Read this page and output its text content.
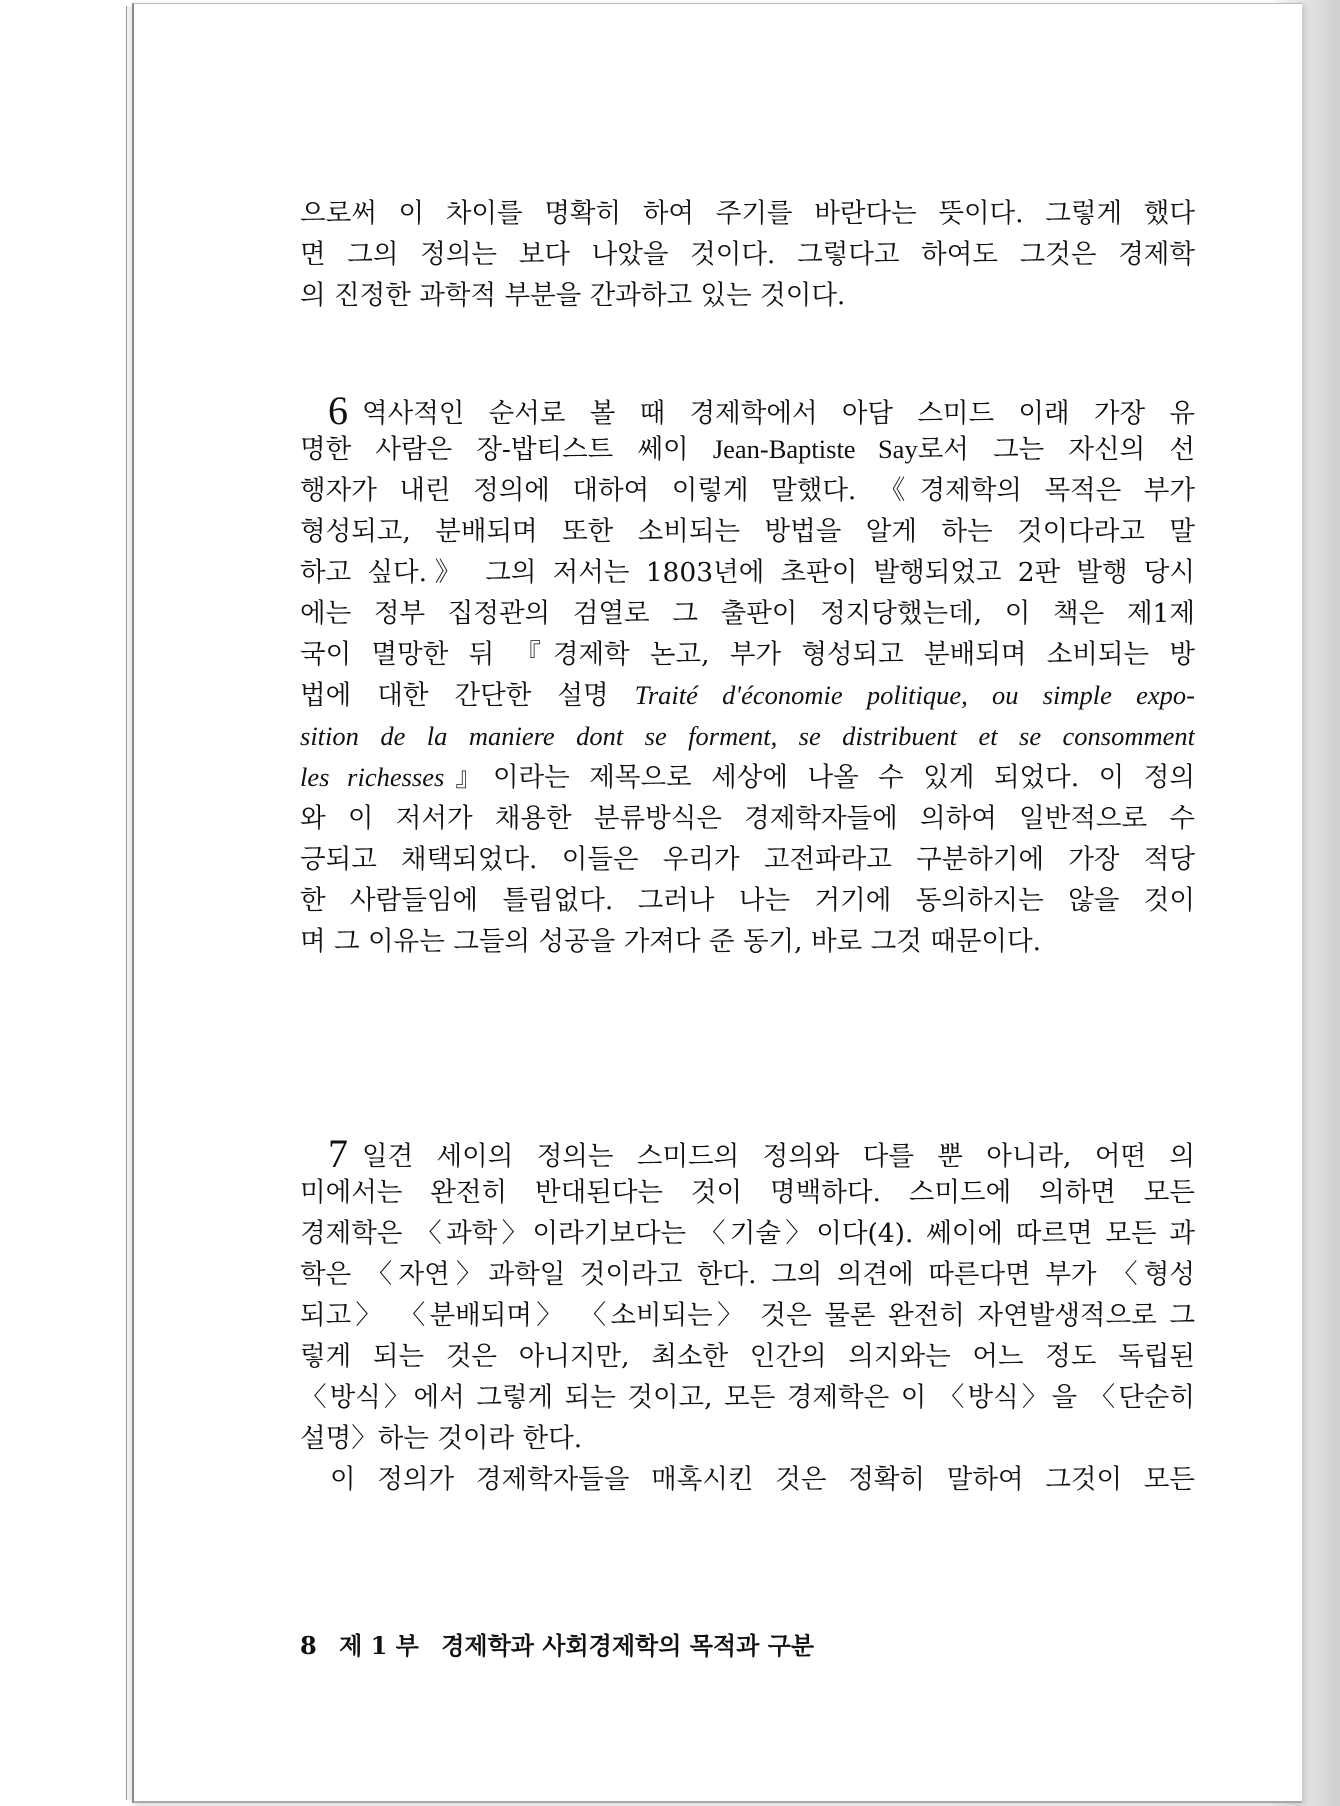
으로써 이 차이를 명확히 하여 주기를 바란다는 뜻이다. 그렇게 했다
면 그의 정의는 보다 나았을 것이다. 그렇다고 하여도 그것은 경제학
의 진정한 과학적 부분을 간과하고 있는 것이다.
6 역사적인 순서로 볼 때 경제학에서 아담 스미드 이래 가장 유
명한 사람은 장-밥티스트 쎄이 Jean-Baptiste Say로서 그는 자신의 선
행자가 내린 정의에 대하여 이렇게 말했다. 《경제학의 목적은 부가
형성되고, 분배되며 또한 소비되는 방법을 알게 하는 것이다라고 말
하고 싶다.》 그의 저서는 1803년에 초판이 발행되었고 2판 발행 당시
에는 정부 집정관의 검열로 그 출판이 정지당했는데, 이 책은 제1제
국이 멸망한 뒤 『경제학 논고, 부가 형성되고 분배되며 소비되는 방
법에 대한 간단한 설명 Traité d'économie politique, ou simple expo-
sition de la maniere dont se forment, se distribuent et se consomment
les richesses』이라는 제목으로 세상에 나올 수 있게 되었다. 이 정의
와 이 저서가 채용한 분류방식은 경제학자들에 의하여 일반적으로 수
긍되고 채택되었다. 이들은 우리가 고전파라고 구분하기에 가장 적당
한 사람들임에 틀림없다. 그러나 나는 거기에 동의하지는 않을 것이
며 그 이유는 그들의 성공을 가져다 준 동기, 바로 그것 때문이다.
7 일견 세이의 정의는 스미드의 정의와 다를 뿐 아니라, 어떤 의
미에서는 완전히 반대된다는 것이 명백하다. 스미드에 의하면 모든
경제학은 〈과학〉이라기보다는 〈기술〉이다(4). 쎄이에 따르면 모든 과
학은 〈자연〉과학일 것이라고 한다. 그의 의견에 따른다면 부가 〈형성
되고〉 〈분배되며〉 〈소비되는〉 것은 물론 완전히 자연발생적으로 그
렇게 되는 것은 아니지만, 최소한 인간의 의지와는 어느 정도 독립된
〈방식〉에서 그렇게 되는 것이고, 모든 경제학은 이 〈방식〉을 〈단순히
설명〉하는 것이라 한다.
이 정의가 경제학자들을 매혹시킨 것은 정확히 말하여 그것이 모든
8 제 1 부 경제학과 사회경제학의 목적과 구분
